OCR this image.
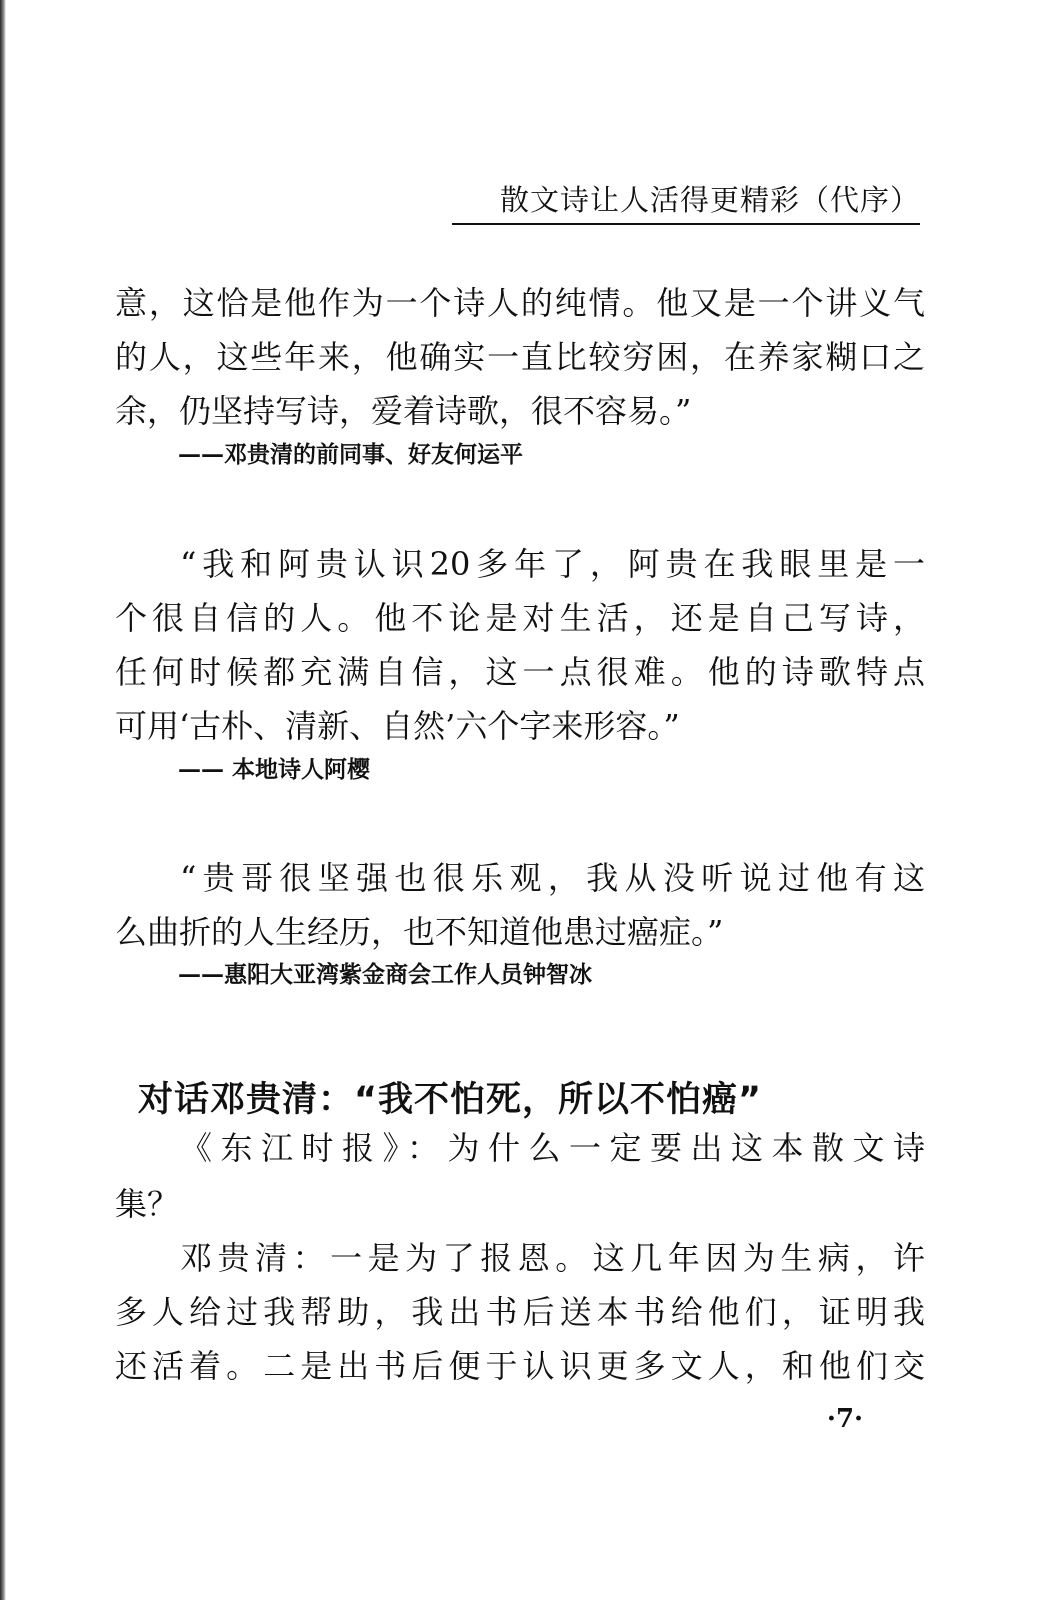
散文诗让人活得更精彩（代序）
意，这恰是他作为一个诗人的纯情。他又是一个讲义气
的人，这些年来，他确实一直比较穷困，在养家糊口之
余，仍坚持写诗，爱着诗歌，很不容易。”
——邓贵清的前同事、好友何运平
“我和阿贵认识20多年了，阿贵在我眼里是一
个很自信的人。他不论是对生活，还是自己写诗，
任何时候都充满自信，这一点很难。他的诗歌特点
可用‘古朴、清新、自然’六个字来形容。”
—— 本地诗人阿樱
“贵哥很坚强也很乐观，我从没听说过他有这
么曲折的人生经历，也不知道他患过癌症。”
——惠阳大亚湾紫金商会工作人员钟智冰
对话邓贵清：“我不怕死，所以不怕癌”
《东江时报》：为什么一定要出这本散文诗
集？
邓贵清：一是为了报恩。这几年因为生病，许
多人给过我帮助，我出书后送本书给他们，证明我
还活着。二是出书后便于认识更多文人，和他们交
·7·
